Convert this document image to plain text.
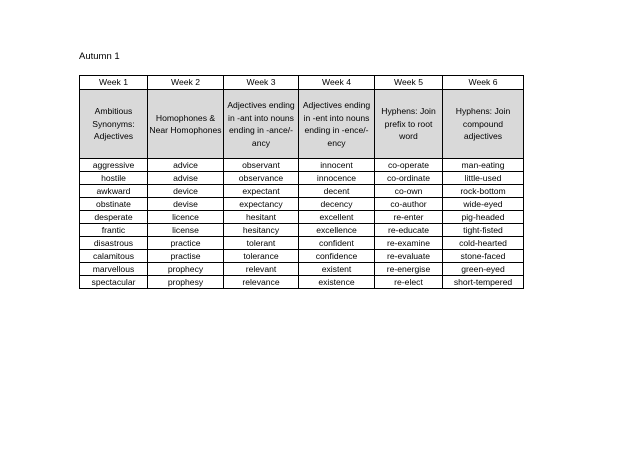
Autumn 1
Week 1	Week 2	Week 3	Week 4	Week 5	Week 6

Ambitious Synonyms: Adjectives	Homophones & Near Homophones	Adjectives ending in -ant into nouns ending in -ance/-ancy	Adjectives ending in -ent into nouns ending in -ence/-ency	Hyphens: Join prefix to root word	Hyphens: Join compound adjectives

aggressive	advice	observant	innocent	co-operate	man-eating
hostile	advise	observance	innocence	co-ordinate	little-used
awkward	device	expectant	decent	co-own	rock-bottom
obstinate	devise	expectancy	decency	co-author	wide-eyed
desperate	licence	hesitant	excellent	re-enter	pig-headed
frantic	license	hesitancy	excellence	re-educate	tight-fisted
disastrous	practice	tolerant	confident	re-examine	cold-hearted
calamitous	practise	tolerance	confidence	re-evaluate	stone-faced
marvellous	prophecy	relevant	existent	re-energise	green-eyed
spectacular	prophesy	relevance	existence	re-elect	short-tempered
